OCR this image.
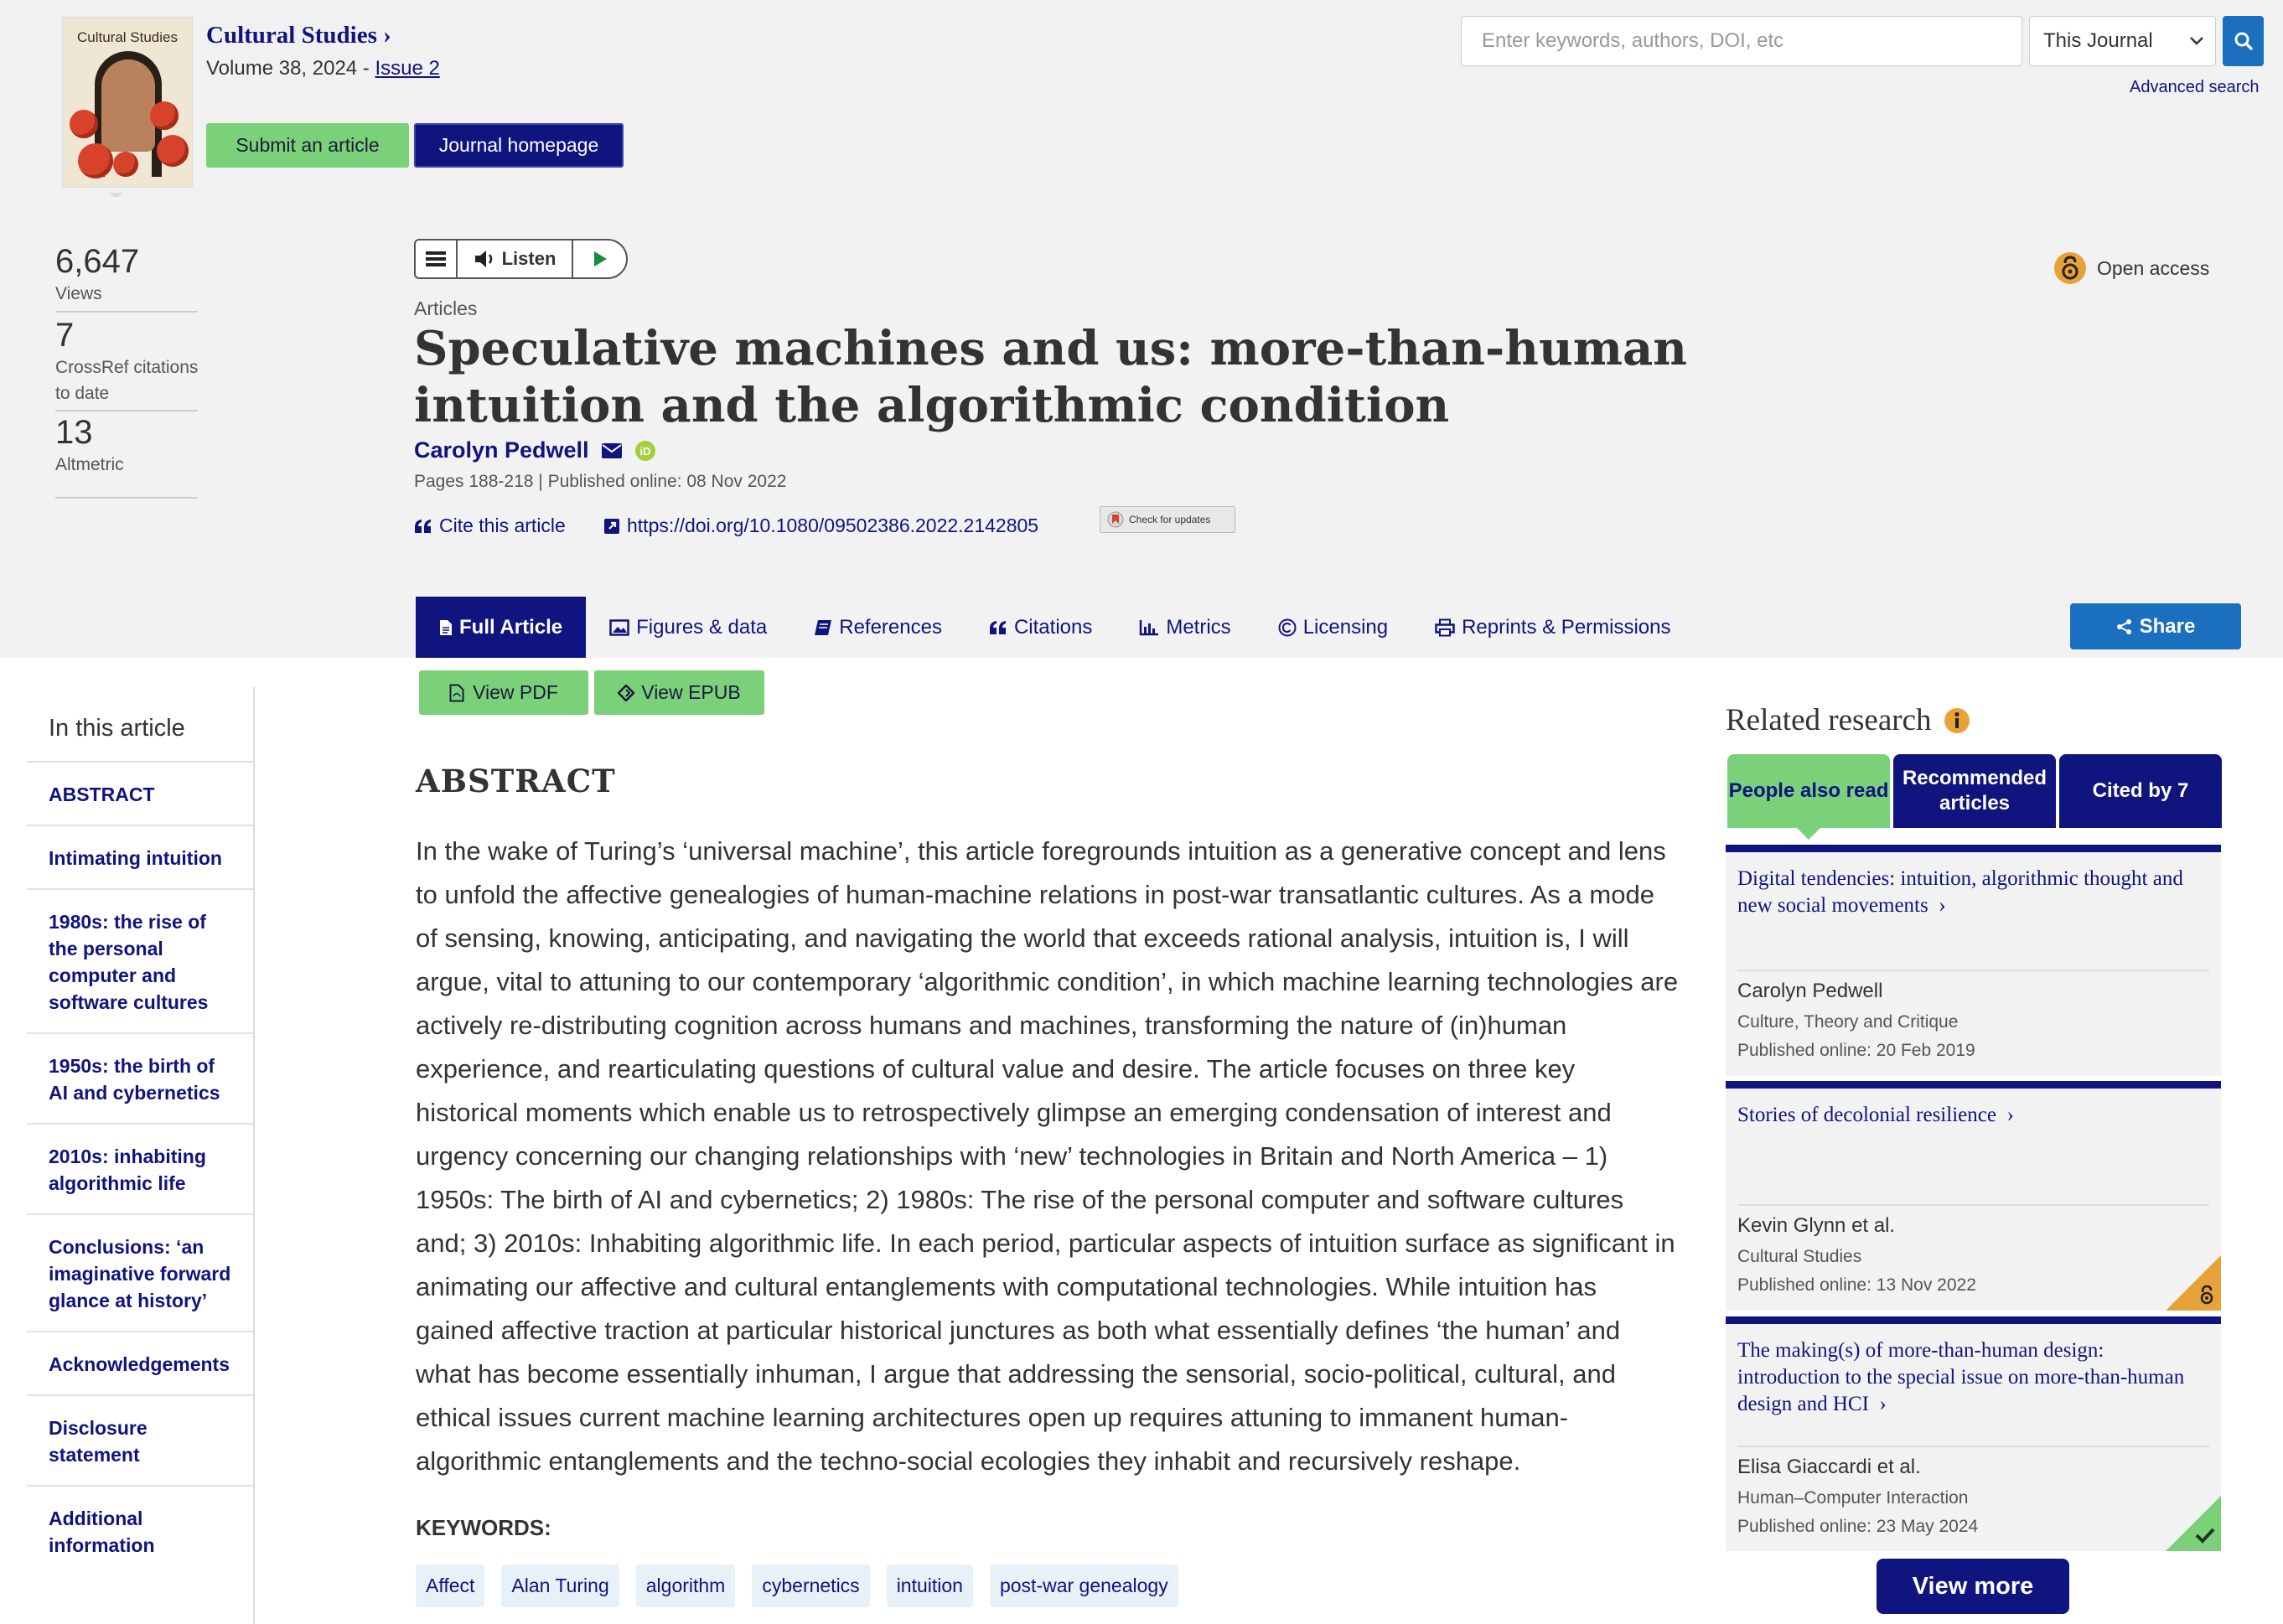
Cultural Studies	Cultural Studies ›
Volume 38, 2024 - Issue 2
Submit an article	Journal homepage
Enter keywords, authors, DOI, etc
This Journal
Advanced search
6,647
Views
7
CrossRef citations to date
13
Altmetric
Listen
Articles
Speculative machines and us: more-than-human intuition and the algorithmic condition
Carolyn Pedwell	iD
Pages 188-218 | Published online: 08 Nov 2022
Cite this article	https://doi.org/10.1080/09502386.2022.2142805	Check for updates
Open access
Full Article	Figures & data	References	Citations	Metrics	Licensing	Reprints & Permissions	Share
View PDF	View EPUB
In this article
ABSTRACT
Intimating intuition
1980s: the rise of the personal computer and software cultures
1950s: the birth of AI and cybernetics
2010s: inhabiting algorithmic life
Conclusions: ‘an imaginative forward glance at history’
Acknowledgements
Disclosure statement
Additional information
ABSTRACT

In the wake of Turing’s ‘universal machine’, this article foregrounds intuition as a generative concept and lens to unfold the affective genealogies of human-machine relations in post-war transatlantic cultures. As a mode of sensing, knowing, anticipating, and navigating the world that exceeds rational analysis, intuition is, I will argue, vital to attuning to our contemporary ‘algorithmic condition’, in which machine learning technologies are actively re-distributing cognition across humans and machines, transforming the nature of (in)human experience, and rearticulating questions of cultural value and desire. The article focuses on three key historical moments which enable us to retrospectively glimpse an emerging condensation of interest and urgency concerning our changing relationships with ‘new’ technologies in Britain and North America – 1) 1950s: The birth of AI and cybernetics; 2) 1980s: The rise of the personal computer and software cultures and; 3) 2010s: Inhabiting algorithmic life. In each period, particular aspects of intuition surface as significant in animating our affective and cultural entanglements with computational technologies. While intuition has gained affective traction at particular historical junctures as both what essentially defines ‘the human’ and what has become essentially inhuman, I argue that addressing the sensorial, socio-political, cultural, and ethical issues current machine learning architectures open up requires attuning to immanent human-algorithmic entanglements and the techno-social ecologies they inhabit and recursively reshape.

KEYWORDS:
Affect	Alan Turing	algorithm	cybernetics	intuition	post-war genealogy
Related research
People also read
Recommended articles
Cited by 7
Digital tendencies: intuition, algorithmic thought and new social movements  ›
Carolyn Pedwell
Culture, Theory and Critique
Published online: 20 Feb 2019
Stories of decolonial resilience  ›
Kevin Glynn et al.
Cultural Studies
Published online: 13 Nov 2022
The making(s) of more-than-human design: introduction to the special issue on more-than-human design and HCI  ›
Elisa Giaccardi et al.
Human–Computer Interaction
Published online: 23 May 2024
View more
